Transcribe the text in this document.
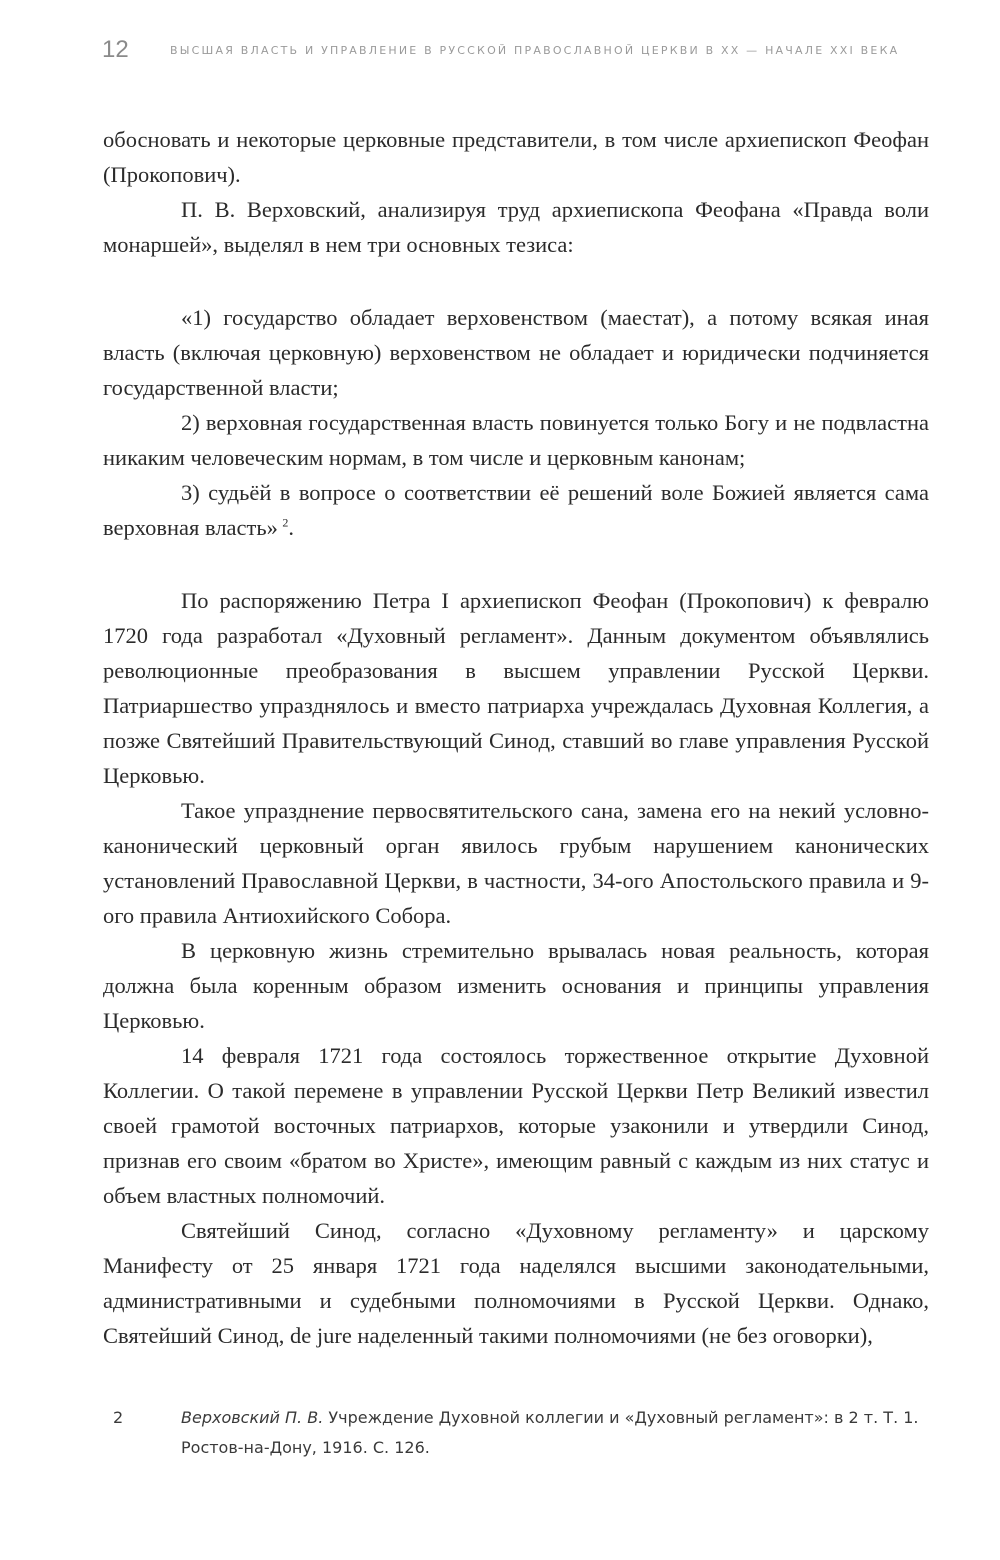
12	ВЫСШАЯ ВЛАСТЬ И УПРАВЛЕНИЕ В РУССКОЙ ПРАВОСЛАВНОЙ ЦЕРКВИ В XX — НАЧАЛЕ XXI ВЕКА

обосновать и некоторые церковные представители, в том числе архиепископ Феофан (Прокопович).

П. В. Верховский, анализируя труд архиепископа Феофана «Правда воли монаршей», выделял в нем три основных тезиса:

«1) государство обладает верховенством (маестат), а потому всякая иная власть (включая церковную) верховенством не обладает и юридически подчиняется государственной власти;

2) верховная государственная власть повинуется только Богу и не подвластна никаким человеческим нормам, в том числе и церковным канонам;

3) судьёй в вопросе о соответствии её решений воле Божией является сама верховная власть»  $^2$.

По распоряжению Петра I архиепископ Феофан (Прокопович) к февралю 1720 года разработал «Духовный регламент». Данным документом объявлялись революционные преобразования в высшем управлении Русской Церкви. Патриаршество упразднялось и вместо патриарха учреждалась Духовная Коллегия, а позже Святейший Правительствующий Синод, ставший во главе управления Русской Церковью.

Такое упразднение первосвятительского сана, замена его на некий условно-канонический церковный орган явилось грубым нарушением канонических установлений Православной Церкви, в частности, 34-ого Апостольского правила и 9-ого правила Антиохийского Собора.

В церковную жизнь стремительно врывалась новая реальность, которая должна была коренным образом изменить основания и принципы управления Церковью.

14 февраля 1721 года состоялось торжественное открытие Духовной Коллегии. О такой перемене в управлении Русской Церкви Петр Великий известил своей грамотой восточных патриархов, которые узаконили и утвердили Синод, признав его своим «братом во Христе», имеющим равный с каждым из них статус и объем властных полномочий.

Святейший Синод, согласно «Духовному регламенту» и царскому Манифесту от 25 января 1721 года наделялся высшими законодательными, административными и судебными полномочиями в Русской Церкви. Однако, Святейший Синод, de jure наделенный такими полномочиями (не без оговорки),

2	Верховский П. В. Учреждение Духовной коллегии и «Духовный регламент»: в 2 т. Т. 1. Ростов-на-Дону, 1916. С. 126.
